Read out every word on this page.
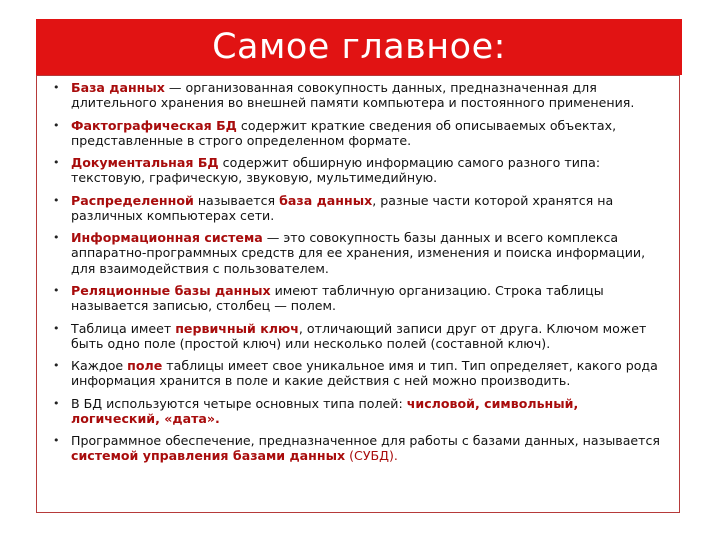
Самое главное:
• База данных — организованная совокупность данных, предназначенная для длительного хранения во внешней памяти компьютера и постоянного применения.
• Фактографическая БД содержит краткие сведения об описываемых объектах, представленные в строго определенном формате.
• Документальная БД содержит обширную информацию самого разного типа: текстовую, графическую, звуковую, мультимедийную.
• Распределенной называется база данных, разные части которой хранятся на различных компьютерах сети.
• Информационная система — это совокупность базы данных и всего комплекса аппаратно-программных средств для ее хранения, изменения и поиска информации, для взаимодействия с пользователем.
• Реляционные базы данных имеют табличную организацию. Строка таблицы называется записью, столбец — полем.
• Таблица имеет первичный ключ, отличающий записи друг от друга. Ключом может быть одно поле (простой ключ) или несколько полей (составной ключ).
• Каждое поле таблицы имеет свое уникальное имя и тип. Тип определяет, какого рода информация хранится в поле и какие действия с ней можно производить.
• В БД используются четыре основных типа полей: числовой, символьный, логический, «дата».
• Программное обеспечение, предназначенное для работы с базами данных, называется системой управления базами данных (СУБД).
